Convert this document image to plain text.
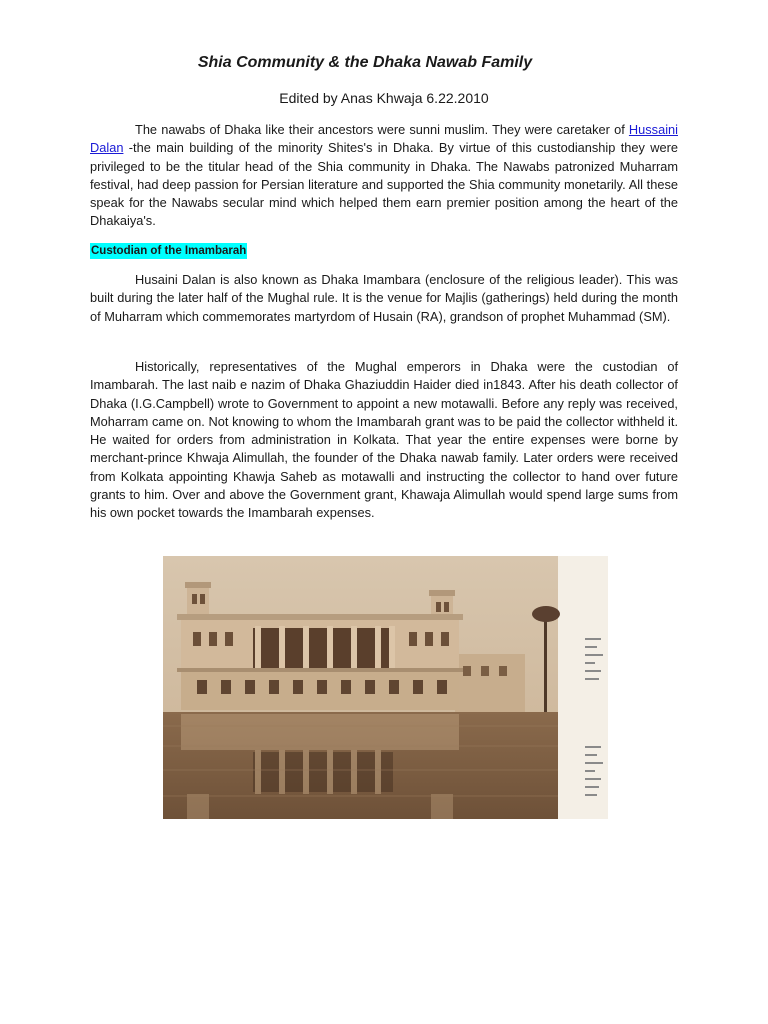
Shia Community & the Dhaka Nawab Family
Edited by Anas Khwaja 6.22.2010

The nawabs of Dhaka like their ancestors were sunni muslim. They were caretaker of Hussaini Dalan -the main building of the minority Shites's in Dhaka. By virtue of this custodianship they were privileged to be the titular head of the Shia community in Dhaka. The Nawabs patronized Muharram festival, had deep passion for Persian literature and supported the Shia community monetarily. All these speak for the Nawabs secular mind which helped them earn premier position among the heart of the Dhakaiya's.

Custodian of the Imambarah

Husaini Dalan is also known as Dhaka Imambara (enclosure of the religious leader). This was built during the later half of the Mughal rule. It is the venue for Majlis (gatherings) held during the month of Muharram which commemorates martyrdom of Husain (RA), grandson of prophet Muhammad (SM).

Historically, representatives of the Mughal emperors in Dhaka were the custodian of Imambarah. The last naib e nazim of Dhaka Ghaziuddin Haider died in1843. After his death collector of Dhaka (I.G.Campbell) wrote to Government to appoint a new motawalli. Before any reply was received, Moharram came on. Not knowing to whom the Imambarah grant was to be paid the collector withheld it. He waited for orders from administration in Kolkata. That year the entire expenses were borne by merchant-prince Khwaja Alimullah, the founder of the Dhaka nawab family. Later orders were received from Kolkata appointing Khawja Saheb as motawalli and instructing the collector to hand over future grants to him. Over and above the Government grant, Khawaja Alimullah would spend large sums from his own pocket towards the Imambarah expenses.
